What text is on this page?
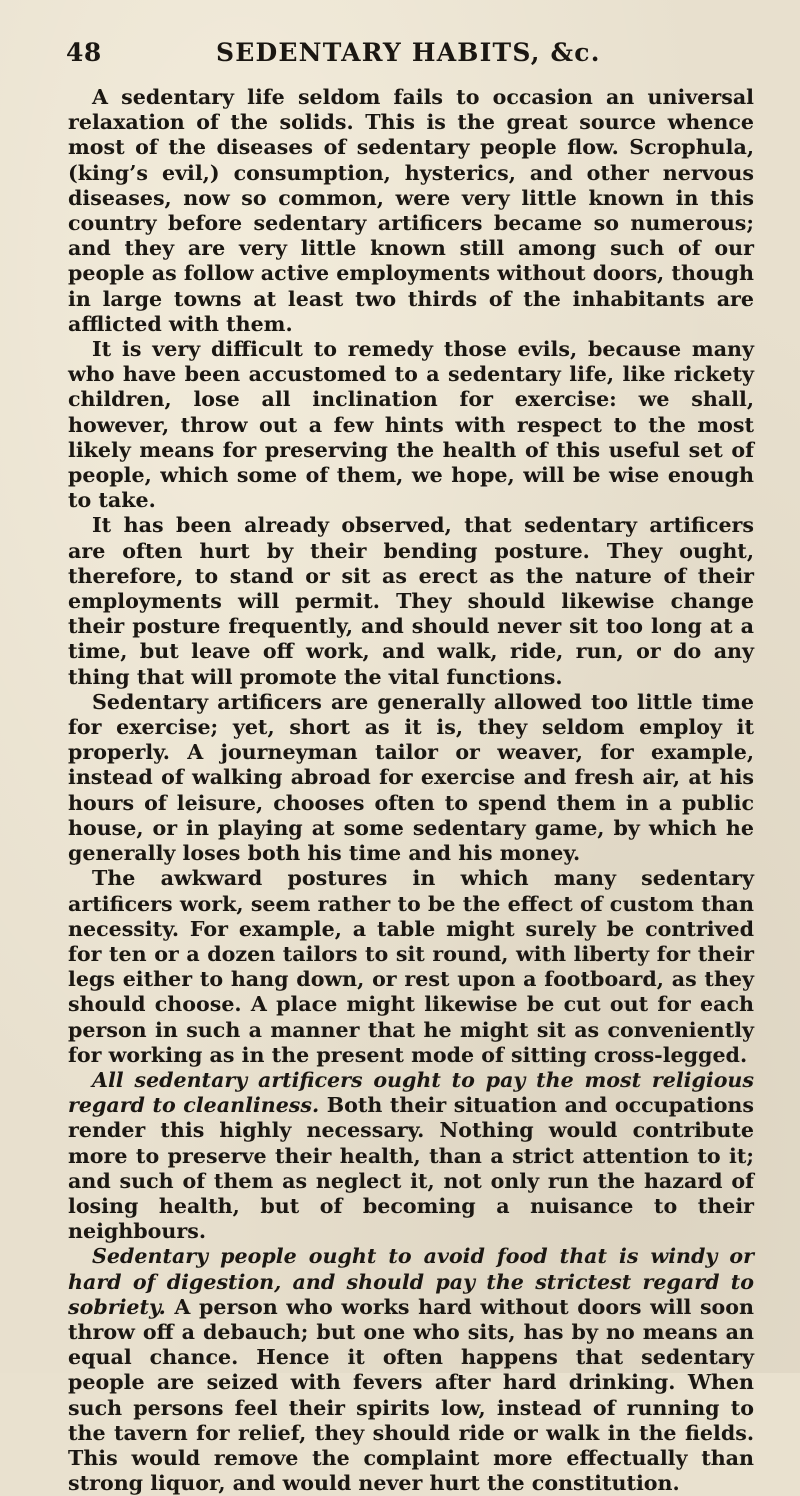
48	SEDENTARY HABITS, &c.

A sedentary life seldom fails to occasion an universal relaxation of the solids. This is the great source whence most of the diseases of sedentary people flow. Scrophula, (king’s evil,) consumption, hysterics, and other nervous diseases, now so common, were very little known in this country before sedentary artificers became so numerous; and they are very little known still among such of our people as follow active employments without doors, though in large towns at least two thirds of the inhabitants are afflicted with them.

It is very difficult to remedy those evils, because many who have been accustomed to a sedentary life, like rickety children, lose all inclination for exercise: we shall, however, throw out a few hints with respect to the most likely means for preserving the health of this useful set of people, which some of them, we hope, will be wise enough to take.

It has been already observed, that sedentary artificers are often hurt by their bending posture. They ought, therefore, to stand or sit as erect as the nature of their employments will permit. They should likewise change their posture frequently, and should never sit too long at a time, but leave off work, and walk, ride, run, or do any thing that will promote the vital functions.

Sedentary artificers are generally allowed too little time for exercise; yet, short as it is, they seldom employ it properly. A journeyman tailor or weaver, for example, instead of walking abroad for exercise and fresh air, at his hours of leisure, chooses often to spend them in a public house, or in playing at some sedentary game, by which he generally loses both his time and his money.

The awkward postures in which many sedentary artificers work, seem rather to be the effect of custom than necessity. For example, a table might surely be contrived for ten or a dozen tailors to sit round, with liberty for their legs either to hang down, or rest upon a footboard, as they should choose. A place might likewise be cut out for each person in such a manner that he might sit as conveniently for working as in the present mode of sitting cross-legged.

All sedentary artificers ought to pay the most religious regard to cleanliness. Both their situation and occupations render this highly necessary. Nothing would contribute more to preserve their health, than a strict attention to it; and such of them as neglect it, not only run the hazard of losing health, but of becoming a nuisance to their neighbours.

Sedentary people ought to avoid food that is windy or hard of digestion, and should pay the strictest regard to sobriety. A person who works hard without doors will soon throw off a debauch; but one who sits, has by no means an equal chance. Hence it often happens that sedentary people are seized with fevers after hard drinking. When such persons feel their spirits low, instead of running to the tavern for relief, they should ride or walk in the fields. This would remove the complaint more effectually than strong liquor, and would never hurt the constitution.
